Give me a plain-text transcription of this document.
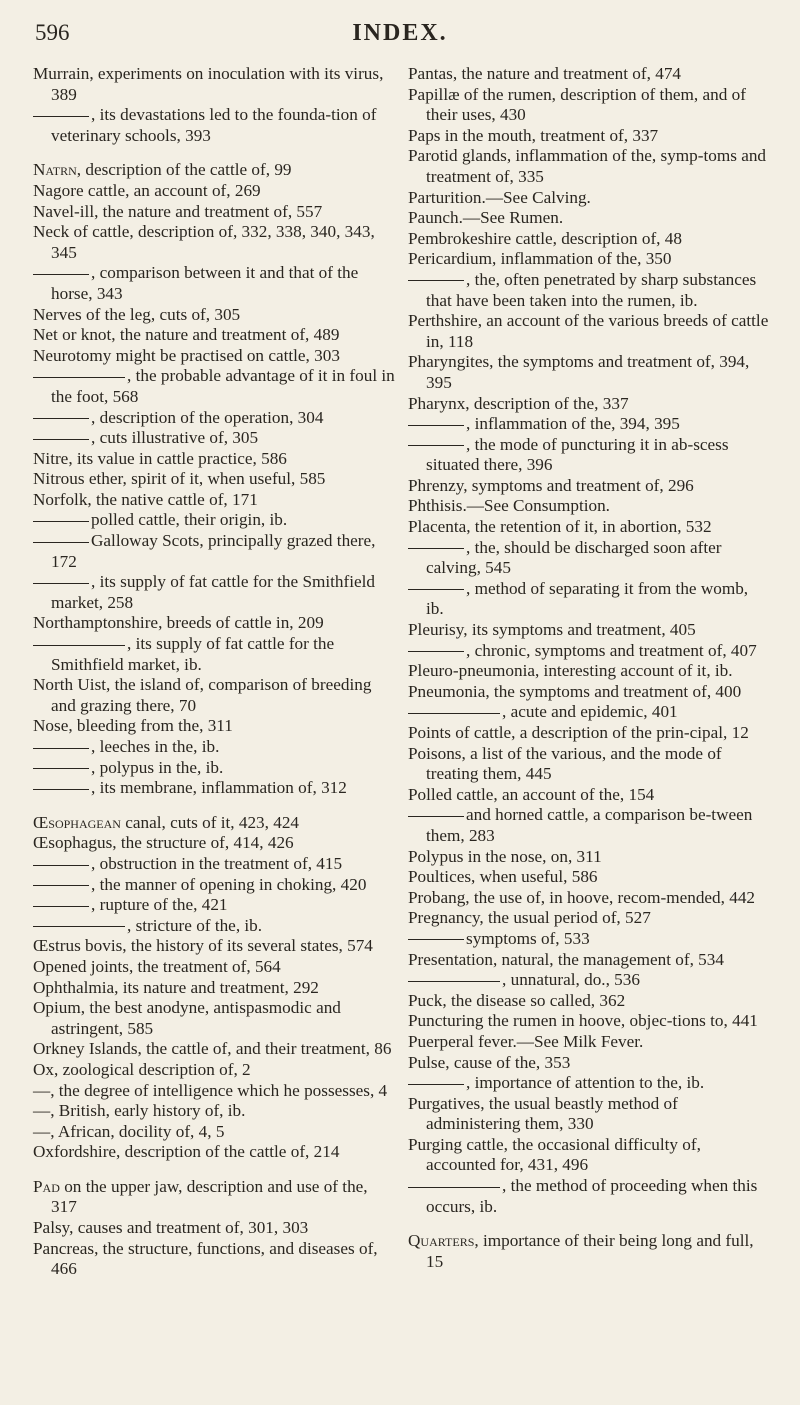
596	INDEX.

Murrain, experiments on inoculation with its virus, 389

, its devastations led to the founda-tion of veterinary schools, 393

Natrn, description of the cattle of, 99

Nagore cattle, an account of, 269

Navel-ill, the nature and treatment of, 557

Neck of cattle, description of, 332, 338, 340, 343, 345

, comparison between it and that of the horse, 343

Nerves of the leg, cuts of, 305

Net or knot, the nature and treatment of, 489

Neurotomy might be practised on cattle, 303

, the probable advantage of it in foul in the foot, 568

, description of the operation, 304

, cuts illustrative of, 305

Nitre, its value in cattle practice, 586

Nitrous ether, spirit of it, when useful, 585

Norfolk, the native cattle of, 171

polled cattle, their origin, ib.

Galloway Scots, principally grazed there, 172

, its supply of fat cattle for the Smithfield market, 258

Northamptonshire, breeds of cattle in, 209

, its supply of fat cattle for the Smithfield market, ib.

North Uist, the island of, comparison of breeding and grazing there, 70

Nose, bleeding from the, 311

, leeches in the, ib.

, polypus in the, ib.

, its membrane, inflammation of, 312

Œsophagean canal, cuts of it, 423, 424

Œsophagus, the structure of, 414, 426

, obstruction in the treatment of, 415

, the manner of opening in choking, 420

, rupture of the, 421

, stricture of the, ib.

Œstrus bovis, the history of its several states, 574

Opened joints, the treatment of, 564

Ophthalmia, its nature and treatment, 292

Opium, the best anodyne, antispasmodic and astringent, 585

Orkney Islands, the cattle of, and their treatment, 86

Ox, zoological description of, 2

—, the degree of intelligence which he possesses, 4

—, British, early history of, ib.

—, African, docility of, 4, 5

Oxfordshire, description of the cattle of, 214

Pad on the upper jaw, description and use of the, 317

Palsy, causes and treatment of, 301, 303

Pancreas, the structure, functions, and diseases of, 466

Pantas, the nature and treatment of, 474

Papillæ of the rumen, description of them, and of their uses, 430

Paps in the mouth, treatment of, 337

Parotid glands, inflammation of the, symp-toms and treatment of, 335

Parturition.—See Calving.

Paunch.—See Rumen.

Pembrokeshire cattle, description of, 48

Pericardium, inflammation of the, 350

, the, often penetrated by sharp substances that have been taken into the rumen, ib.

Perthshire, an account of the various breeds of cattle in, 118

Pharyngites, the symptoms and treatment of, 394, 395

Pharynx, description of the, 337

, inflammation of the, 394, 395

, the mode of puncturing it in ab-scess situated there, 396

Phrenzy, symptoms and treatment of, 296

Phthisis.—See Consumption.

Placenta, the retention of it, in abortion, 532

, the, should be discharged soon after calving, 545

, method of separating it from the womb, ib.

Pleurisy, its symptoms and treatment, 405

, chronic, symptoms and treatment of, 407

Pleuro-pneumonia, interesting account of it, ib.

Pneumonia, the symptoms and treatment of, 400

, acute and epidemic, 401

Points of cattle, a description of the prin-cipal, 12

Poisons, a list of the various, and the mode of treating them, 445

Polled cattle, an account of the, 154

and horned cattle, a comparison be-tween them, 283

Polypus in the nose, on, 311

Poultices, when useful, 586

Probang, the use of, in hoove, recom-mended, 442

Pregnancy, the usual period of, 527

symptoms of, 533

Presentation, natural, the management of, 534

, unnatural, do., 536

Puck, the disease so called, 362

Puncturing the rumen in hoove, objec-tions to, 441

Puerperal fever.—See Milk Fever.

Pulse, cause of the, 353

, importance of attention to the, ib.

Purgatives, the usual beastly method of administering them, 330

Purging cattle, the occasional difficulty of, accounted for, 431, 496

, the method of proceeding when this occurs, ib.

Quarters, importance of their being long and full, 15
